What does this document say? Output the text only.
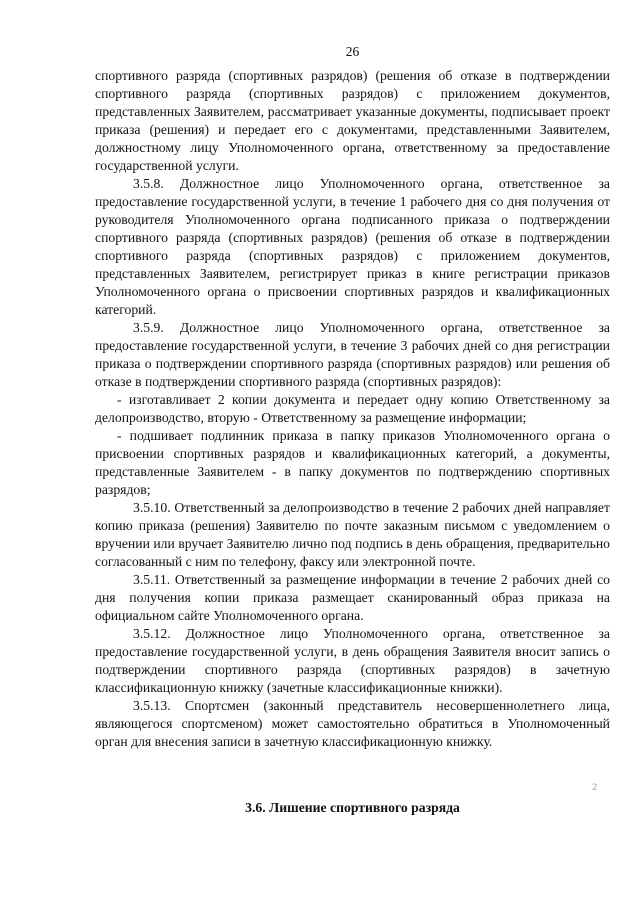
26

спортивного разряда (спортивных разрядов) (решения об отказе в подтверждении спортивного разряда (спортивных разрядов) с приложением документов, представленных Заявителем, рассматривает указанные документы, подписывает проект приказа (решения) и передает его с документами, представленными Заявителем, должностному лицу Уполномоченного органа, ответственному за предоставление государственной услуги.

3.5.8. Должностное лицо Уполномоченного органа, ответственное за предоставление государственной услуги, в течение 1 рабочего дня со дня получения от руководителя Уполномоченного органа подписанного приказа о подтверждении спортивного разряда (спортивных разрядов) (решения об отказе в подтверждении спортивного разряда (спортивных разрядов) с приложением документов, представленных Заявителем, регистрирует приказ в книге регистрации приказов Уполномоченного органа о присвоении спортивных разрядов и квалификационных категорий.

3.5.9. Должностное лицо Уполномоченного органа, ответственное за предоставление государственной услуги, в течение 3 рабочих дней со дня регистрации приказа о подтверждении спортивного разряда (спортивных разрядов) или решения об отказе в подтверждении спортивного разряда (спортивных разрядов):

- изготавливает 2 копии документа и передает одну копию Ответственному за делопроизводство, вторую - Ответственному за размещение информации;

- подшивает подлинник приказа в папку приказов Уполномоченного органа о присвоении спортивных разрядов и квалификационных категорий, а документы, представленные Заявителем - в папку документов по подтверждению спортивных разрядов;

3.5.10. Ответственный за делопроизводство в течение 2 рабочих дней направляет копию приказа (решения) Заявителю по почте заказным письмом с уведомлением о вручении или вручает Заявителю лично под подпись в день обращения, предварительно согласованный с ним по телефону, факсу или электронной почте.

3.5.11. Ответственный за размещение информации в течение 2 рабочих дней со дня получения копии приказа размещает сканированный образ приказа на официальном сайте Уполномоченного органа.

3.5.12. Должностное лицо Уполномоченного органа, ответственное за предоставление государственной услуги, в день обращения Заявителя вносит запись о подтверждении спортивного разряда (спортивных разрядов) в зачетную классификационную книжку (зачетные классификационные книжки).

3.5.13. Спортсмен (законный представитель несовершеннолетнего лица, являющегося спортсменом) может самостоятельно обратиться в Уполномоченный орган для внесения записи в зачетную классификационную книжку.

3.6. Лишение спортивного разряда
2
